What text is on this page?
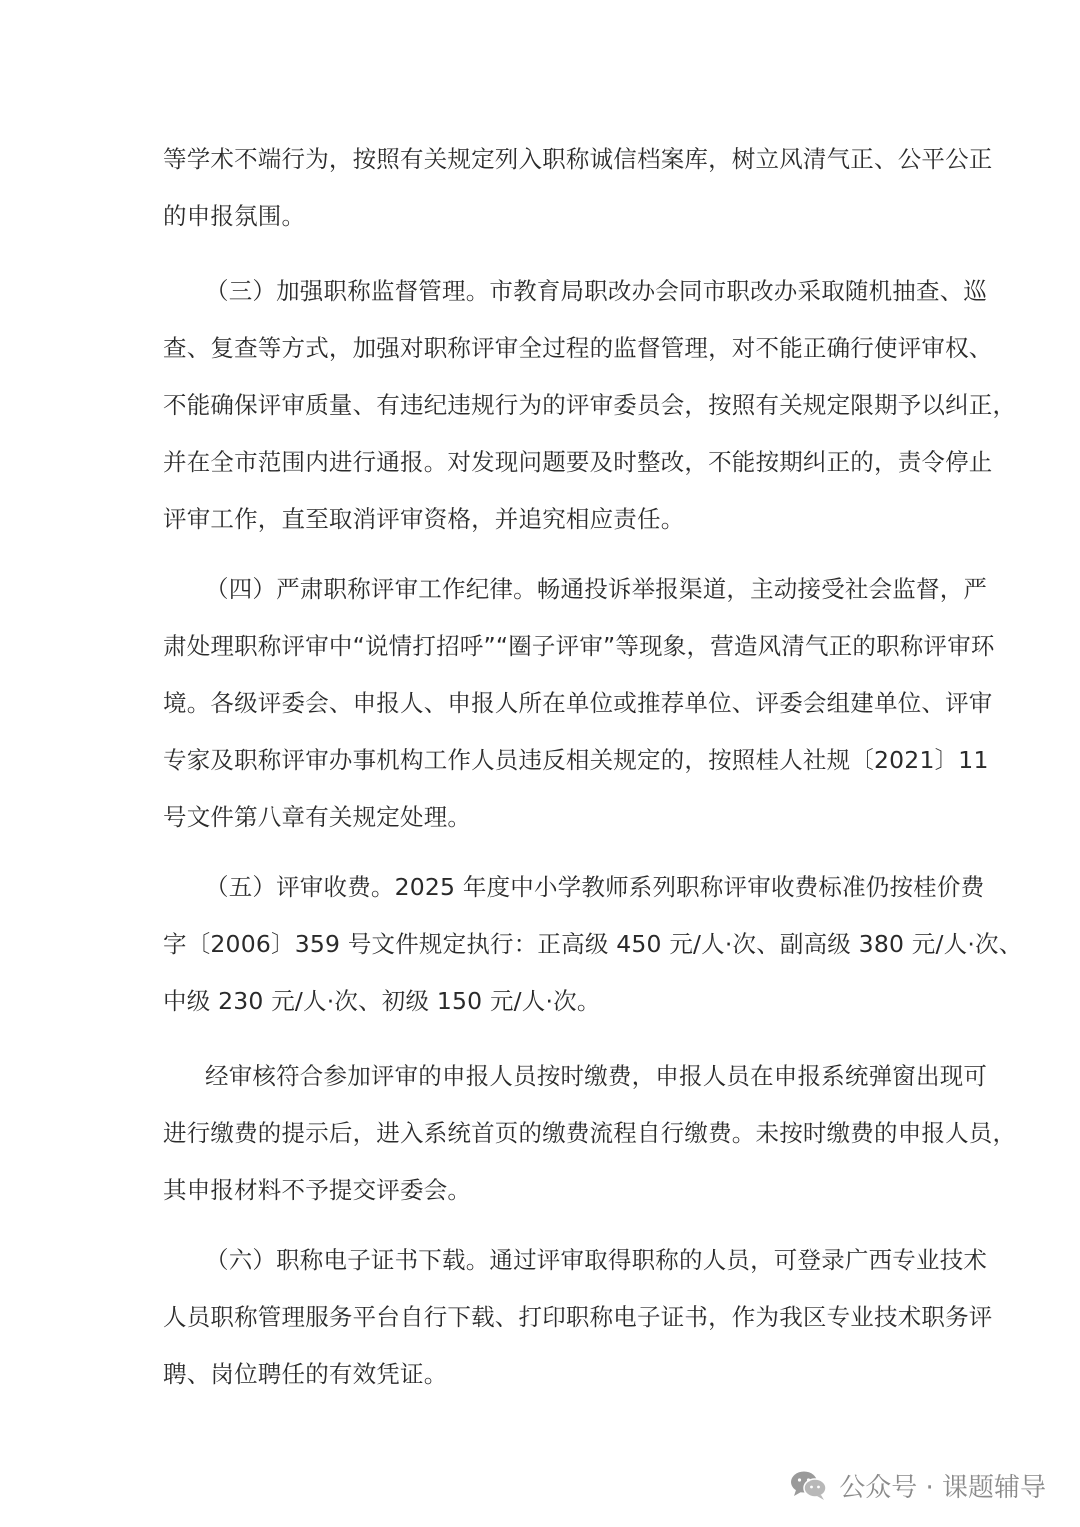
等学术不端行为，按照有关规定列入职称诚信档案库，树立风清气正、公平公正
的申报氛围。
（三）加强职称监督管理。市教育局职改办会同市职改办采取随机抽查、巡
查、复查等方式，加强对职称评审全过程的监督管理，对不能正确行使评审权、
不能确保评审质量、有违纪违规行为的评审委员会，按照有关规定限期予以纠正，
并在全市范围内进行通报。对发现问题要及时整改，不能按期纠正的，责令停止
评审工作，直至取消评审资格，并追究相应责任。
（四）严肃职称评审工作纪律。畅通投诉举报渠道，主动接受社会监督，严
肃处理职称评审中“说情打招呼”“圈子评审”等现象，营造风清气正的职称评审环
境。各级评委会、申报人、申报人所在单位或推荐单位、评委会组建单位、评审
专家及职称评审办事机构工作人员违反相关规定的，按照桂人社规〔2021〕11
号文件第八章有关规定处理。
（五）评审收费。2025 年度中小学教师系列职称评审收费标准仍按桂价费
字〔2006〕359 号文件规定执行：正高级 450 元/人·次、副高级 380 元/人·次、
中级 230 元/人·次、初级 150 元/人·次。
经审核符合参加评审的申报人员按时缴费，申报人员在申报系统弹窗出现可
进行缴费的提示后，进入系统首页的缴费流程自行缴费。未按时缴费的申报人员，
其申报材料不予提交评委会。
（六）职称电子证书下载。通过评审取得职称的人员，可登录广西专业技术
人员职称管理服务平台自行下载、打印职称电子证书，作为我区专业技术职务评
聘、岗位聘任的有效凭证。
公众号 · 课题辅导
